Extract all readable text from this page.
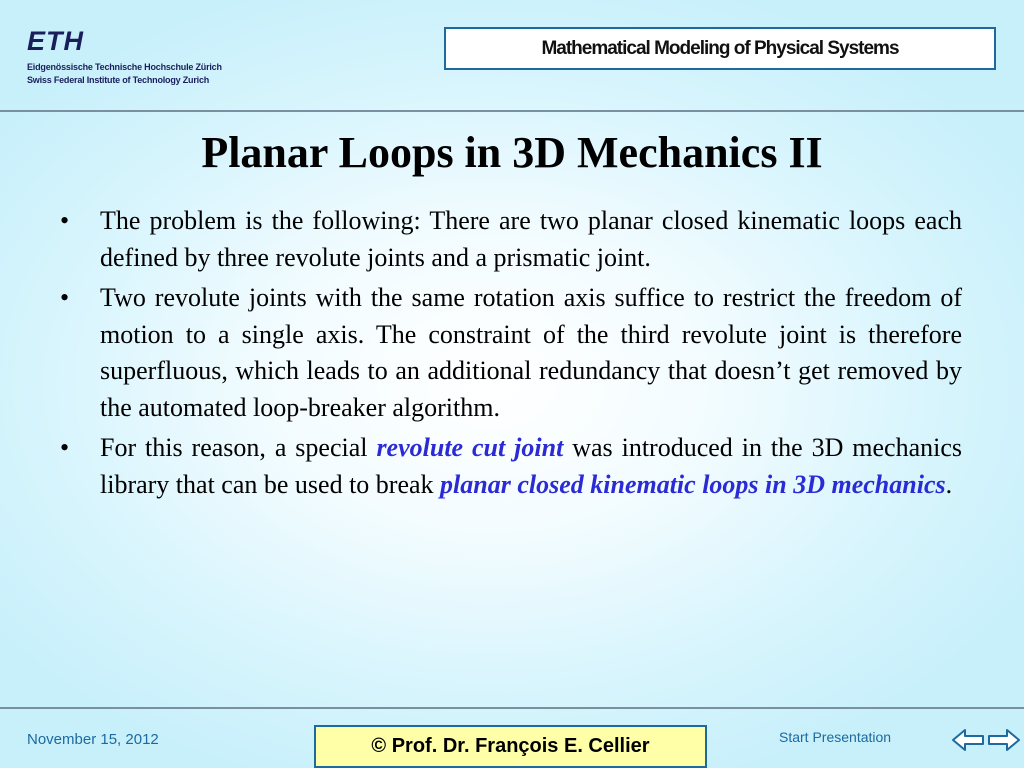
ETH
Eidgenössische Technische Hochschule Zürich
Swiss Federal Institute of Technology Zurich
Mathematical Modeling of Physical Systems
Planar Loops in 3D Mechanics II
• The problem is the following: There are two planar closed kinematic loops each defined by three revolute joints and a prismatic joint.
• Two revolute joints with the same rotation axis suffice to restrict the freedom of motion to a single axis. The constraint of the third revolute joint is therefore superfluous, which leads to an additional redundancy that doesn’t get removed by the automated loop-breaker algorithm.
• For this reason, a special revolute cut joint was introduced in the 3D mechanics library that can be used to break planar closed kinematic loops in 3D mechanics.
November 15, 2012	© Prof. Dr. François E. Cellier	Start Presentation
